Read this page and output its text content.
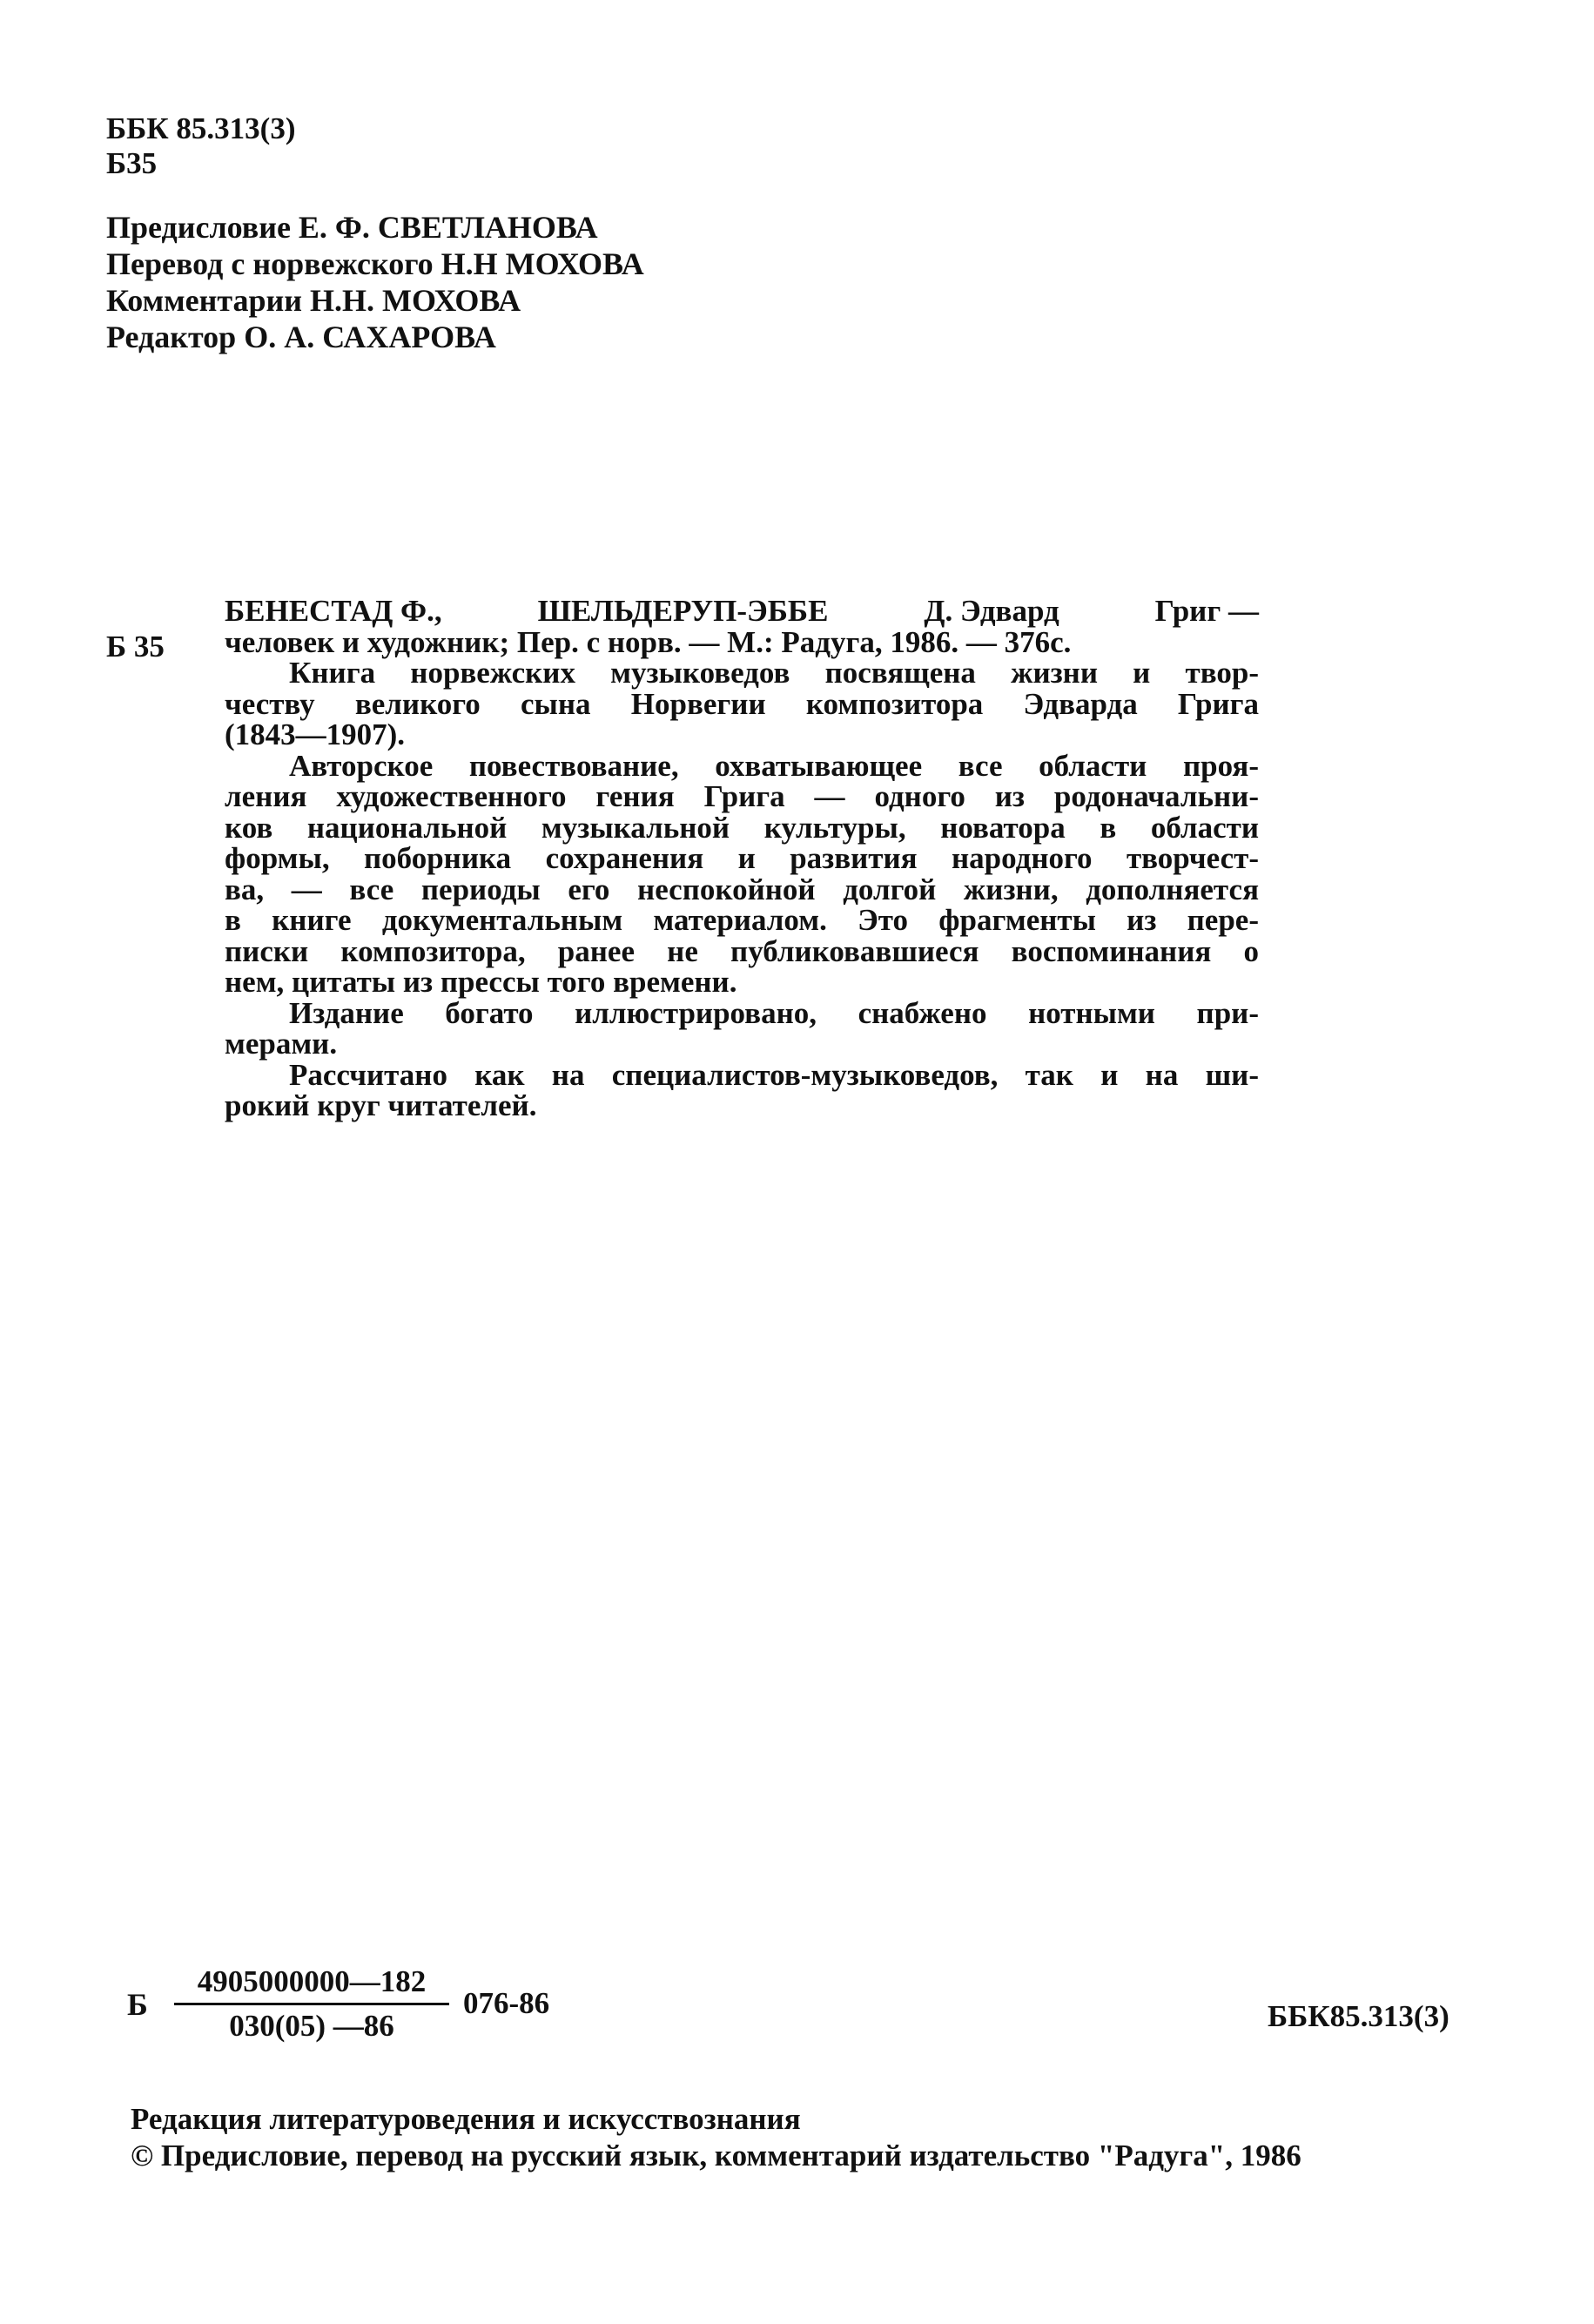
ББК 85.313(3)
Б35
Предисловие Е. Ф. СВЕТЛАНОВА
Перевод с норвежского Н.Н МОХОВА
Комментарии Н.Н. МОХОВА
Редактор О. А. САХАРОВА
Б 35
БЕНЕСТАД Ф.,	ШЕЛЬДЕРУП-ЭББЕ	Д. Эдвард	Григ —
человек и художник; Пер. с норв. — М.: Радуга, 1986. — 376с.
Книга норвежских музыковедов посвящена жизни и твор-
честву великого сына Норвегии композитора Эдварда Грига
(1843—1907).
Авторское повествование, охватывающее все области проя-
ления художественного гения Грига — одного из родоначальни-
ков национальной музыкальной культуры, новатора в области
формы, поборника сохранения и развития народного творчест-
ва, — все периоды его неспокойной долгой жизни, дополняется
в книге документальным материалом. Это фрагменты из пере-
писки композитора, ранее не публиковавшиеся воспоминания о
нем, цитаты из прессы того времени.
Издание богато иллюстрировано, снабжено нотными при-
мерами.
Рассчитано как на специалистов-музыковедов, так и на ши-
рокий круг читателей.
Б $\frac{4905000000—182}{030(05) —86} 076-86$	ББК85.313(3)
Редакция литературоведения и искусствознания
© Предисловие, перевод на русский язык, комментарий издательство "Радуга", 1986
